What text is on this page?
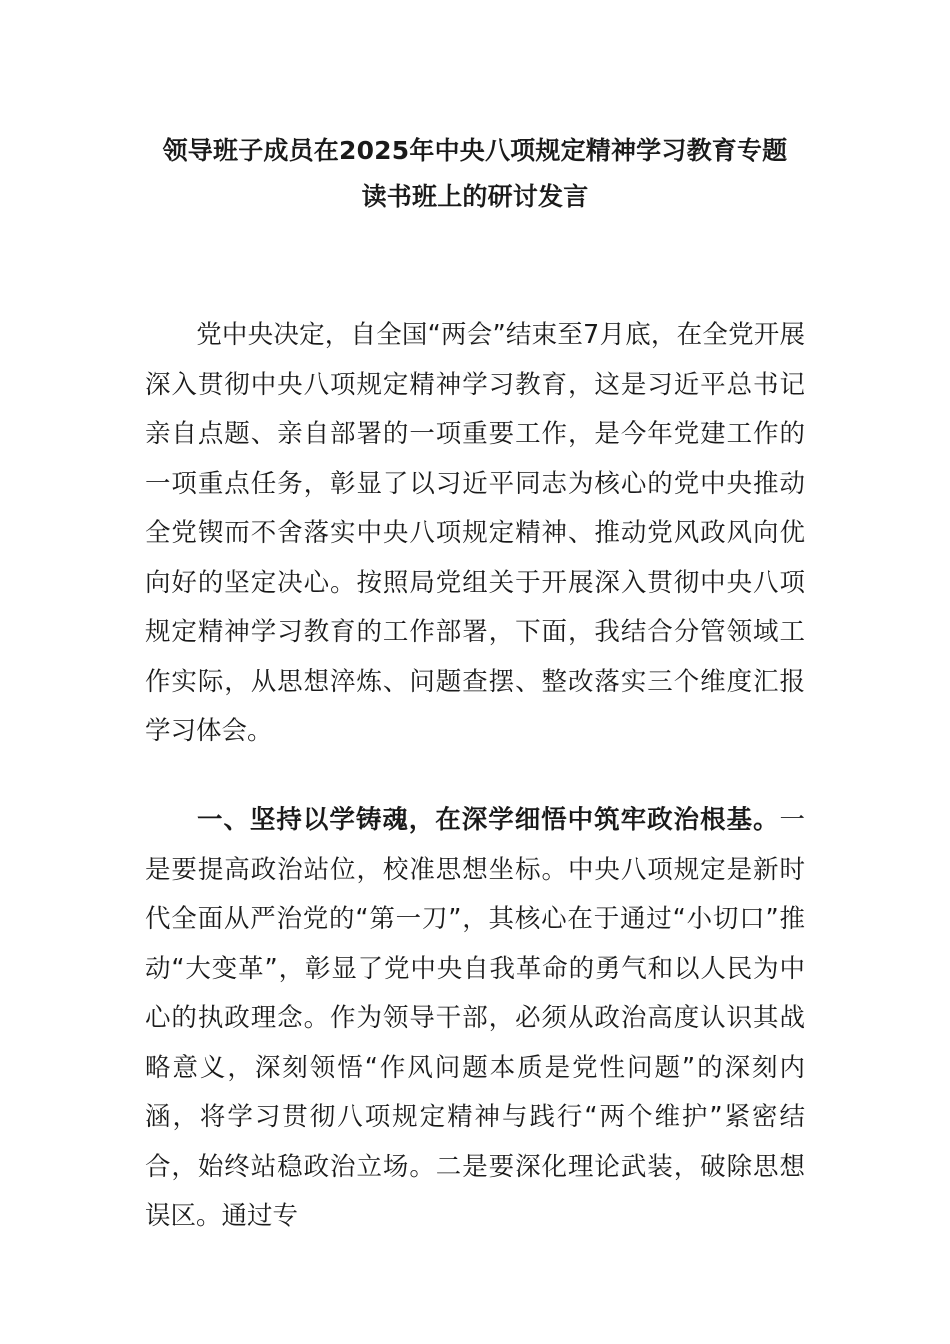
领导班子成员在2025年中央八项规定精神学习教育专题
读书班上的研讨发言

党中央决定，自全国“两会”结束至7月底，在全党开展深入贯彻中央八项规定精神学习教育，这是习近平总书记亲自点题、亲自部署的一项重要工作，是今年党建工作的一项重点任务，彰显了以习近平同志为核心的党中央推动全党锲而不舍落实中央八项规定精神、推动党风政风向优向好的坚定决心。按照局党组关于开展深入贯彻中央八项规定精神学习教育的工作部署，下面，我结合分管领域工作实际，从思想淬炼、问题查摆、整改落实三个维度汇报学习体会。

一、坚持以学铸魂，在深学细悟中筑牢政治根基。一是要提高政治站位，校准思想坐标。中央八项规定是新时代全面从严治党的“第一刀”，其核心在于通过“小切口”推动“大变革”，彰显了党中央自我革命的勇气和以人民为中心的执政理念。作为领导干部，必须从政治高度认识其战略意义，深刻领悟“作风问题本质是党性问题”的深刻内涵，将学习贯彻八项规定精神与践行“两个维护”紧密结合，始终站稳政治立场。二是要深化理论武装，破除思想误区。通过专
